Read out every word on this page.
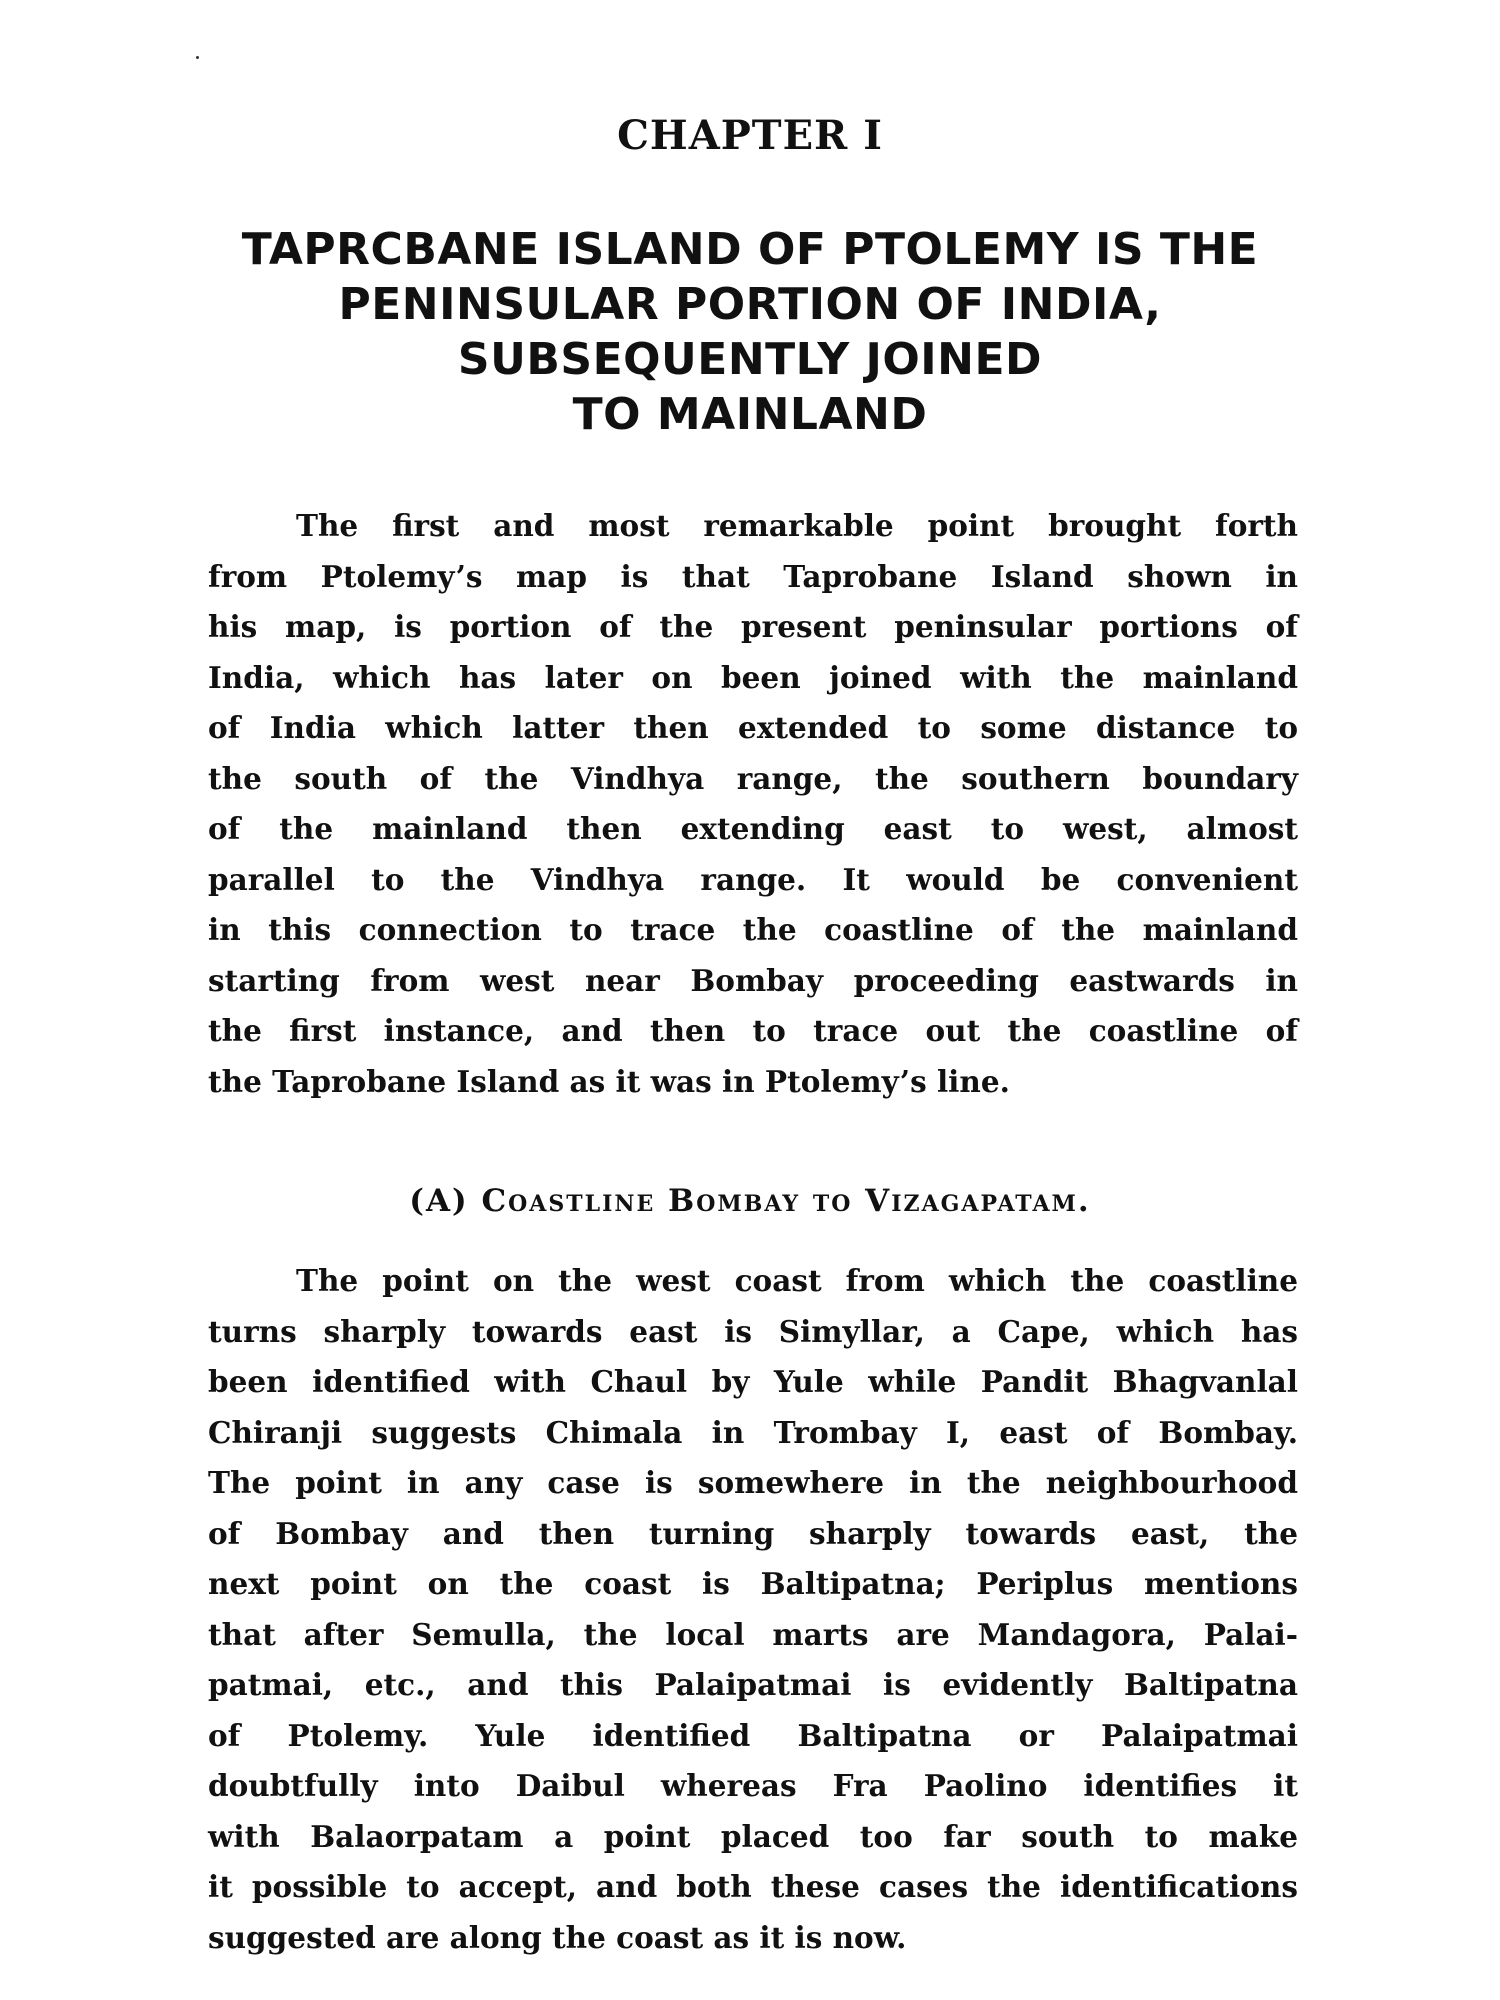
CHAPTER I
TAPRCBANE ISLAND OF PTOLEMY IS THE
PENINSULAR PORTION OF INDIA,
SUBSEQUENTLY JOINED
TO MAINLAND
The first and most remarkable point brought forth
from Ptolemy’s map is that Taprobane Island shown in
his map, is portion of the present peninsular portions of
India, which has later on been joined with the mainland
of India which latter then extended to some distance to
the south of the Vindhya range, the southern boundary
of the mainland then extending east to west, almost
parallel to the Vindhya range. It would be convenient
in this connection to trace the coastline of the mainland
starting from west near Bombay proceeding eastwards in
the first instance, and then to trace out the coastline of
the Taprobane Island as it was in Ptolemy’s line.
(A) Coastline Bombay to Vizagapatam.
The point on the west coast from which the coastline
turns sharply towards east is Simyllar, a Cape, which has
been identified with Chaul by Yule while Pandit Bhagvanlal
Chiranji suggests Chimala in Trombay I, east of Bombay.
The point in any case is somewhere in the neighbourhood
of Bombay and then turning sharply towards east, the
next point on the coast is Baltipatna; Periplus mentions
that after Semulla, the local marts are Mandagora, Palai-
patmai, etc., and this Palaipatmai is evidently Baltipatna
of Ptolemy. Yule identified Baltipatna or Palaipatmai
doubtfully into Daibul whereas Fra Paolino identifies it
with Balaorpatam a point placed too far south to make
it possible to accept, and both these cases the identifications
suggested are along the coast as it is now.
